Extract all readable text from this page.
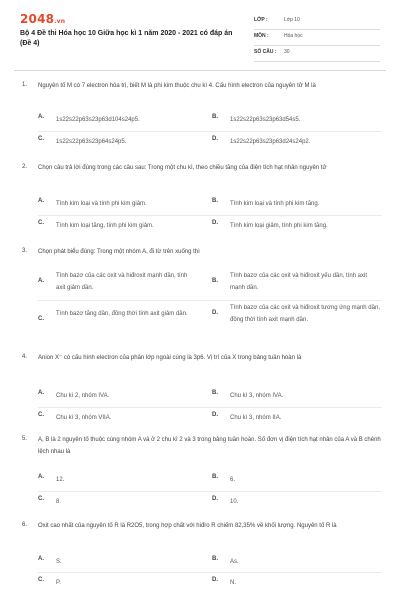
2048.vn
Bộ 4 Đề thi Hóa học 10 Giữa học kì 1 năm 2020 - 2021 có đáp án (Đề 4)
LỚP :	Lớp 10
MÔN :	Hóa học
SỐ CÂU : 30
1. Nguyên tố M có 7 electron hóa trị, biết M là phi kim thuộc chu kì 4. Cấu hình electron của nguyên tử M là
A. 1s22s22p63s23p63d104s24p5.	B. 1s22s22p63s23p63d54s5.
C. 1s22s22p63s23p64s24p5.	D. 1s22s22p63s23p63d24s24p2.
2. Chọn câu trả lời đúng trong các câu sau: Trong một chu kì, theo chiều tăng của điện tích hạt nhân nguyên tử
A. Tính kim loại và tính phi kim giảm.	B. Tính kim loại và tính phi kim tăng.
C. Tính kim loại tăng, tính phi kim giảm.	D. Tính kim loại giảm, tính phi kim tăng.
3. Chọn phát biểu đúng: Trong một nhóm A, đi từ trên xuống thì
A.
Tính bazơ của các oxit và hiđroxit mạnh dần, tính axit giảm dần.
B.
Tính bazơ của các oxit và hiđroxit yếu dần, tính axit mạnh dần.
C.
Tính bazơ tăng dần, đồng thời tính axit giảm dần.	D.
Tính bazơ của các oxit và hiđroxit tương ứng mạnh dần, đồng thời tính axit mạnh dần.
4. Anion X⁻ có cấu hình electron của phân lớp ngoài cùng là 3p6. Vị trí của X trong bảng tuần hoàn là
A. Chu kì 2, nhóm IVA.	B. Chu kì 3, nhóm IVA.
C. Chu kì 3, nhóm VIIA.	D. Chu kì 3, nhóm IIA.
5. A, B là 2 nguyên tố thuộc cùng nhóm A và ở 2 chu kì 2 và 3 trong bảng tuần hoàn. Số đơn vị điện tích hạt nhân của A và B chênh lệch nhau là
A. 12.	B. 6.
C. 8.	D. 10.
6. Oxit cao nhất của nguyên tố R là R2O5, trong hợp chất với hiđro R chiếm 82,35% về khối lượng. Nguyên tố R là
A. S.	B. As.
C. P.	D. N.
